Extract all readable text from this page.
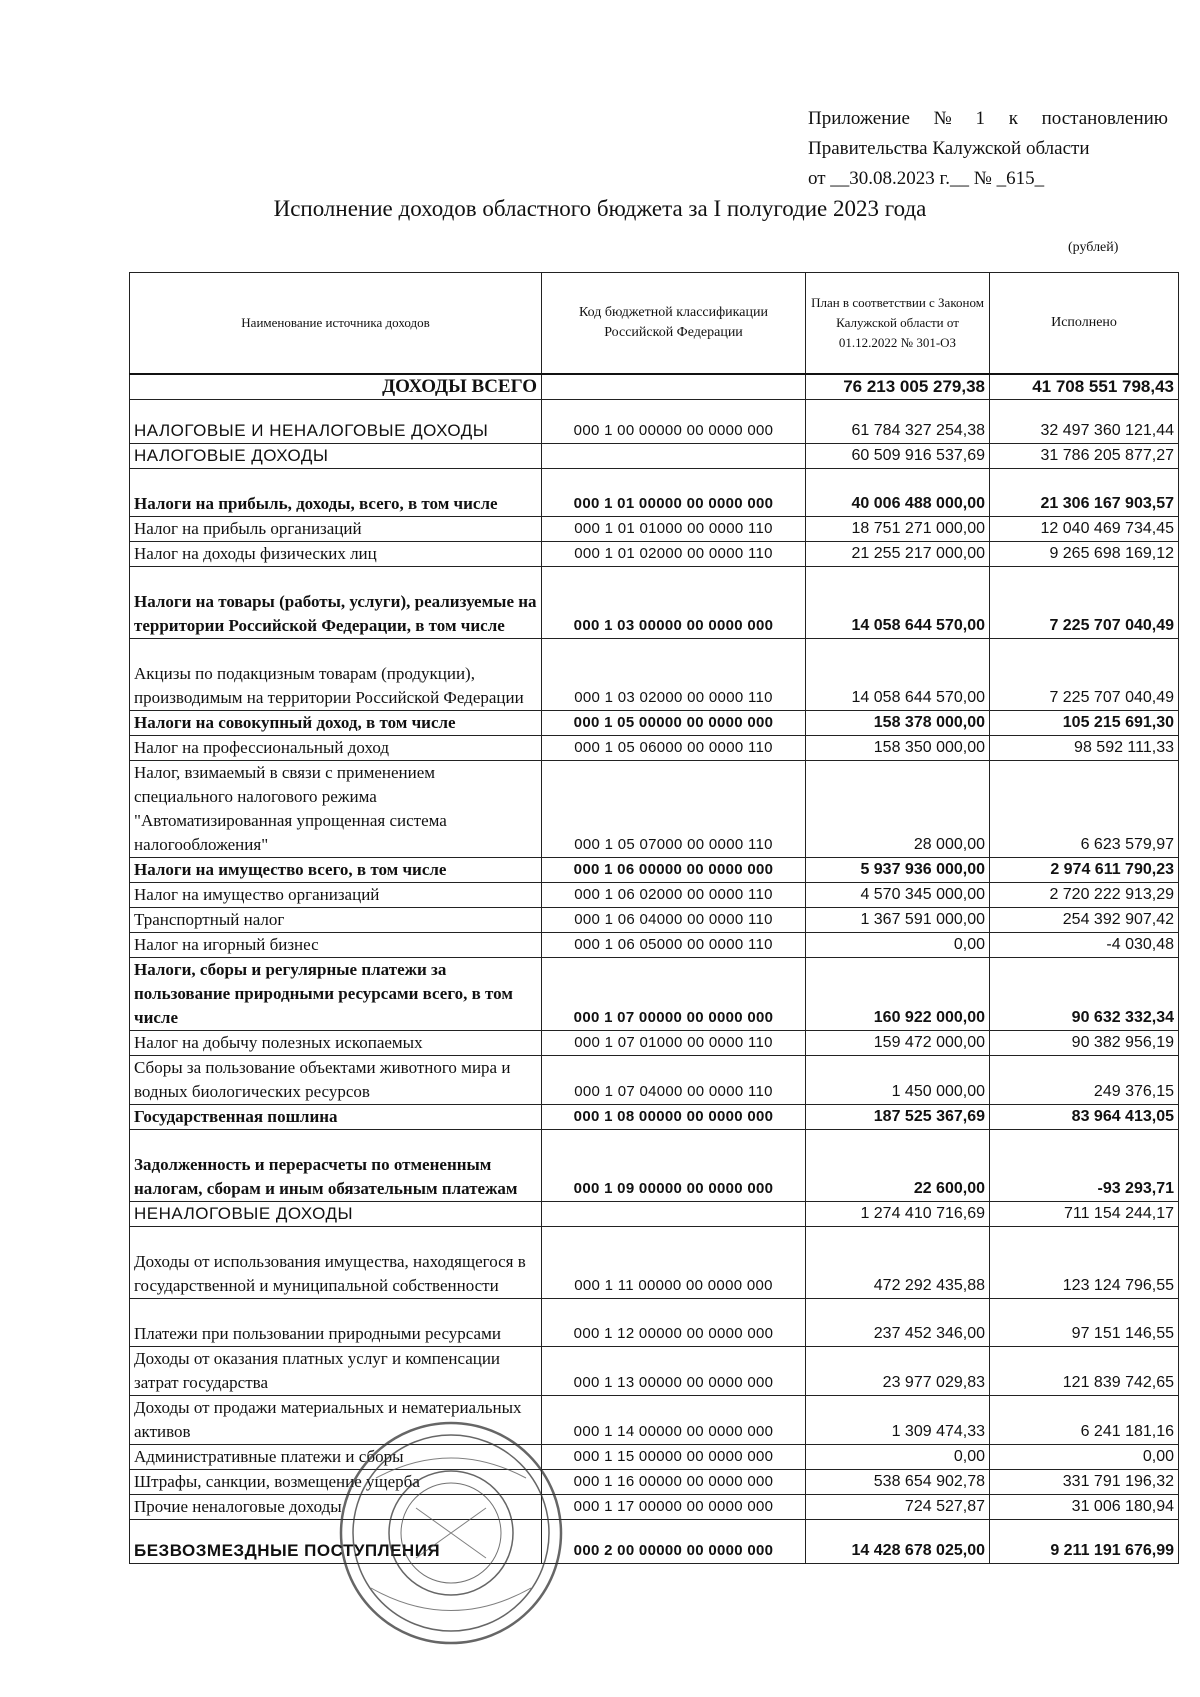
Приложение № 1 к постановлению
Правительства Калужской области
от __30.08.2023 г.__ № _615_
Исполнение доходов областного бюджета за I полугодие 2023 года
(рублей)
Наименование источника доходов	Код бюджетной классификации Российской Федерации	План в соответствии с Законом Калужской области от 01.12.2022 № 301-ОЗ	Исполнено
ДОХОДЫ ВСЕГО		76 213 005 279,38	41 708 551 798,43
НАЛОГОВЫЕ И НЕНАЛОГОВЫЕ ДОХОДЫ	000 1 00 00000 00 0000 000	61 784 327 254,38	32 497 360 121,44
НАЛОГОВЫЕ ДОХОДЫ		60 509 916 537,69	31 786 205 877,27
Налоги на прибыль, доходы, всего, в том числе	000 1 01 00000 00 0000 000	40 006 488 000,00	21 306 167 903,57
Налог на прибыль организаций	000 1 01 01000 00 0000 110	18 751 271 000,00	12 040 469 734,45
Налог на доходы физических лиц	000 1 01 02000 00 0000 110	21 255 217 000,00	9 265 698 169,12
Налоги на товары (работы, услуги), реализуемые на территории Российской Федерации, в том числе	000 1 03 00000 00 0000 000	14 058 644 570,00	7 225 707 040,49
Акцизы по подакцизным товарам (продукции), производимым на территории Российской Федерации	000 1 03 02000 00 0000 110	14 058 644 570,00	7 225 707 040,49
Налоги на совокупный доход, в том числе	000 1 05 00000 00 0000 000	158 378 000,00	105 215 691,30
Налог на профессиональный доход	000 1 05 06000 00 0000 110	158 350 000,00	98 592 111,33
Налог, взимаемый в связи с применением специального налогового режима "Автоматизированная упрощенная система налогообложения"	000 1 05 07000 00 0000 110	28 000,00	6 623 579,97
Налоги на имущество всего, в том числе	000 1 06 00000 00 0000 000	5 937 936 000,00	2 974 611 790,23
Налог на имущество организаций	000 1 06 02000 00 0000 110	4 570 345 000,00	2 720 222 913,29
Транспортный налог	000 1 06 04000 00 0000 110	1 367 591 000,00	254 392 907,42
Налог на игорный бизнес	000 1 06 05000 00 0000 110	0,00	-4 030,48
Налоги, сборы и регулярные платежи за пользование природными ресурсами всего, в том числе	000 1 07 00000 00 0000 000	160 922 000,00	90 632 332,34
Налог на добычу полезных ископаемых	000 1 07 01000 00 0000 110	159 472 000,00	90 382 956,19
Сборы за пользование объектами животного мира и водных биологических ресурсов	000 1 07 04000 00 0000 110	1 450 000,00	249 376,15
Государственная пошлина	000 1 08 00000 00 0000 000	187 525 367,69	83 964 413,05
Задолженность и перерасчеты по отмененным налогам, сборам и иным обязательным платежам	000 1 09 00000 00 0000 000	22 600,00	-93 293,71
НЕНАЛОГОВЫЕ ДОХОДЫ		1 274 410 716,69	711 154 244,17
Доходы от использования имущества, находящегося в государственной и муниципальной собственности	000 1 11 00000 00 0000 000	472 292 435,88	123 124 796,55
Платежи при пользовании природными ресурсами	000 1 12 00000 00 0000 000	237 452 346,00	97 151 146,55
Доходы от оказания платных услуг и компенсации затрат государства	000 1 13 00000 00 0000 000	23 977 029,83	121 839 742,65
Доходы от продажи материальных и нематериальных активов	000 1 14 00000 00 0000 000	1 309 474,33	6 241 181,16
Административные платежи и сборы	000 1 15 00000 00 0000 000	0,00	0,00
Штрафы, санкции, возмещение ущерба	000 1 16 00000 00 0000 000	538 654 902,78	331 791 196,32
Прочие неналоговые доходы	000 1 17 00000 00 0000 000	724 527,87	31 006 180,94
БЕЗВОЗМЕЗДНЫЕ ПОСТУПЛЕНИЯ	000 2 00 00000 00 0000 000	14 428 678 025,00	9 211 191 676,99
